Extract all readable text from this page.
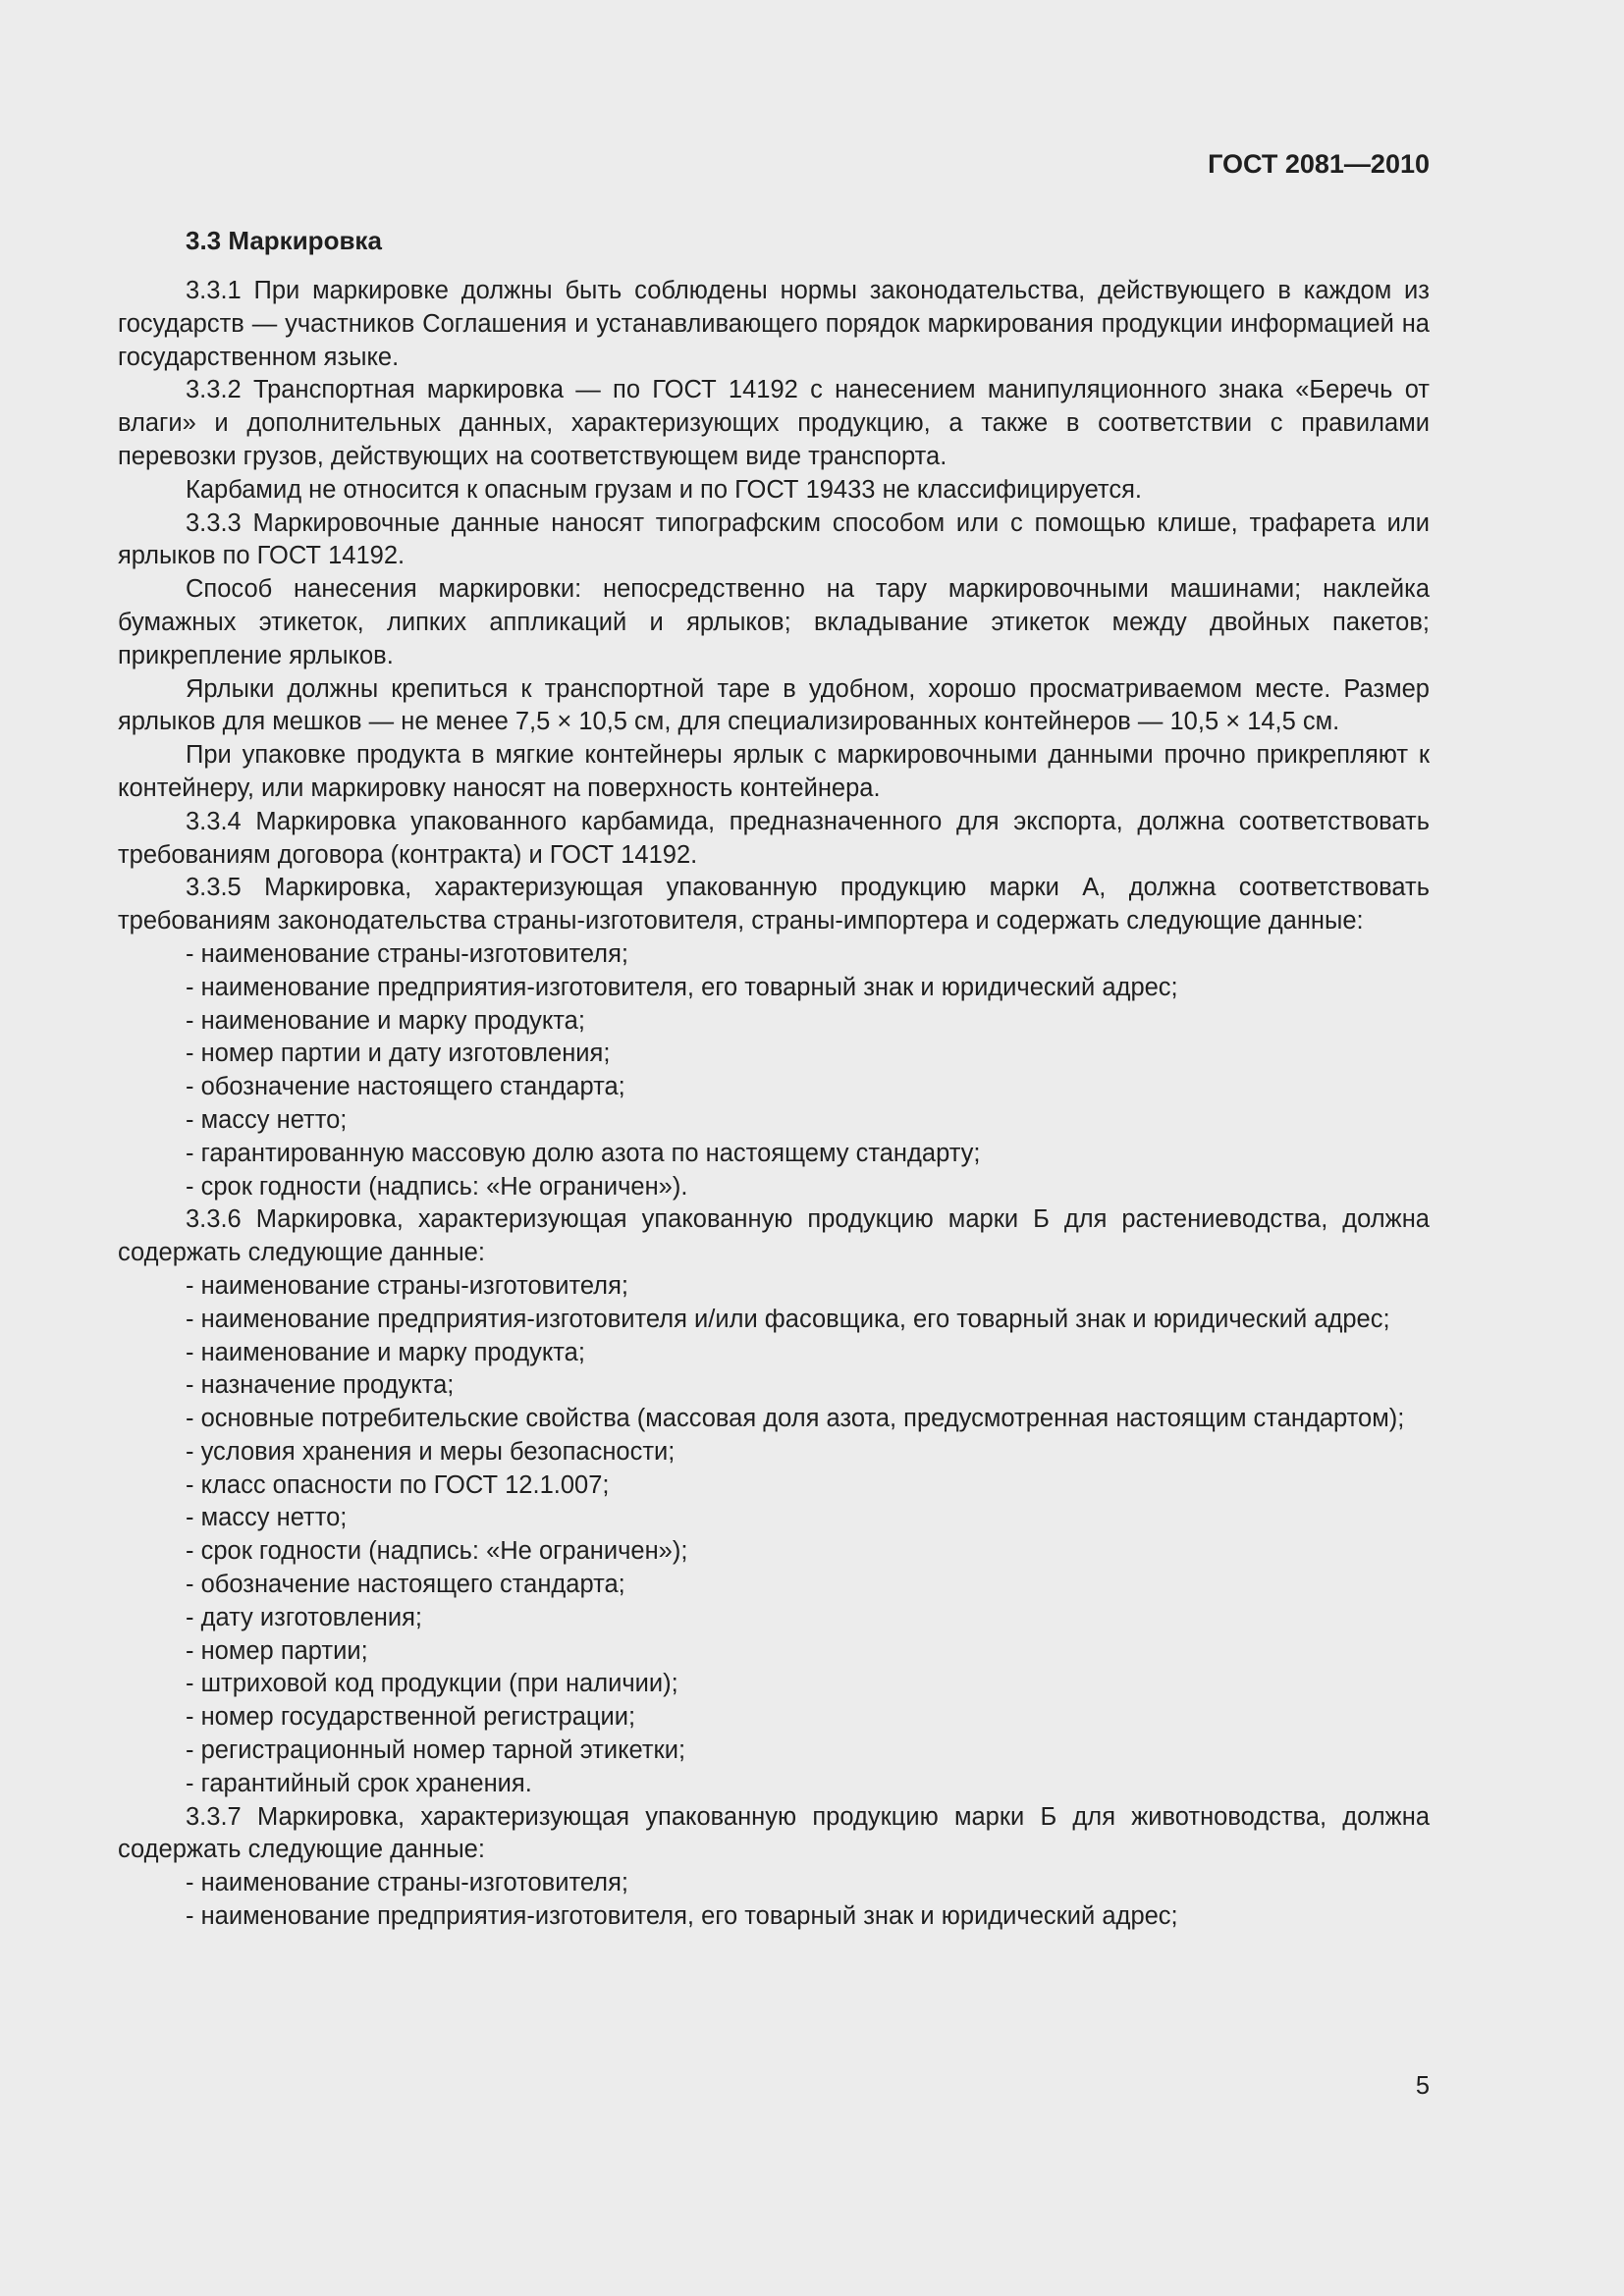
ГОСТ 2081—2010
3.3 Маркировка

3.3.1 При маркировке должны быть соблюдены нормы законодательства, действующего в каждом из государств — участников Соглашения и устанавливающего порядок маркирования продукции информацией на государственном языке.

3.3.2 Транспортная маркировка — по ГОСТ 14192 с нанесением манипуляционного знака «Беречь от влаги» и дополнительных данных, характеризующих продукцию, а также в соответствии с правилами перевозки грузов, действующих на соответствующем виде транспорта.

Карбамид не относится к опасным грузам и по ГОСТ 19433 не классифицируется.

3.3.3 Маркировочные данные наносят типографским способом или с помощью клише, трафарета или ярлыков по ГОСТ 14192.

Способ нанесения маркировки: непосредственно на тару маркировочными машинами; наклейка бумажных этикеток, липких аппликаций и ярлыков; вкладывание этикеток между двойных пакетов; прикрепление ярлыков.

Ярлыки должны крепиться к транспортной таре в удобном, хорошо просматриваемом месте. Размер ярлыков для мешков — не менее 7,5 × 10,5 см, для специализированных контейнеров — 10,5 × 14,5 см.

При упаковке продукта в мягкие контейнеры ярлык с маркировочными данными прочно прикрепляют к контейнеру, или маркировку наносят на поверхность контейнера.

3.3.4 Маркировка упакованного карбамида, предназначенного для экспорта, должна соответствовать требованиям договора (контракта) и ГОСТ 14192.

3.3.5 Маркировка, характеризующая упакованную продукцию марки А, должна соответствовать требованиям законодательства страны-изготовителя, страны-импортера и содержать следующие данные:

- наименование страны-изготовителя;

- наименование предприятия-изготовителя, его товарный знак и юридический адрес;

- наименование и марку продукта;

- номер партии и дату изготовления;

- обозначение настоящего стандарта;

- массу нетто;

- гарантированную массовую долю азота по настоящему стандарту;

- срок годности (надпись: «Не ограничен»).

3.3.6 Маркировка, характеризующая упакованную продукцию марки Б для растениеводства, должна содержать следующие данные:

- наименование страны-изготовителя;

- наименование предприятия-изготовителя и/или фасовщика, его товарный знак и юридический адрес;

- наименование и марку продукта;

- назначение продукта;

- основные потребительские свойства (массовая доля азота, предусмотренная настоящим стандартом);

- условия хранения и меры безопасности;

- класс опасности по ГОСТ 12.1.007;

- массу нетто;

- срок годности (надпись: «Не ограничен»);

- обозначение настоящего стандарта;

- дату изготовления;

- номер партии;

- штриховой код продукции (при наличии);

- номер государственной регистрации;

- регистрационный номер тарной этикетки;

- гарантийный срок хранения.

3.3.7 Маркировка, характеризующая упакованную продукцию марки Б для животноводства, должна содержать следующие данные:

- наименование страны-изготовителя;

- наименование предприятия-изготовителя, его товарный знак и юридический адрес;

5
